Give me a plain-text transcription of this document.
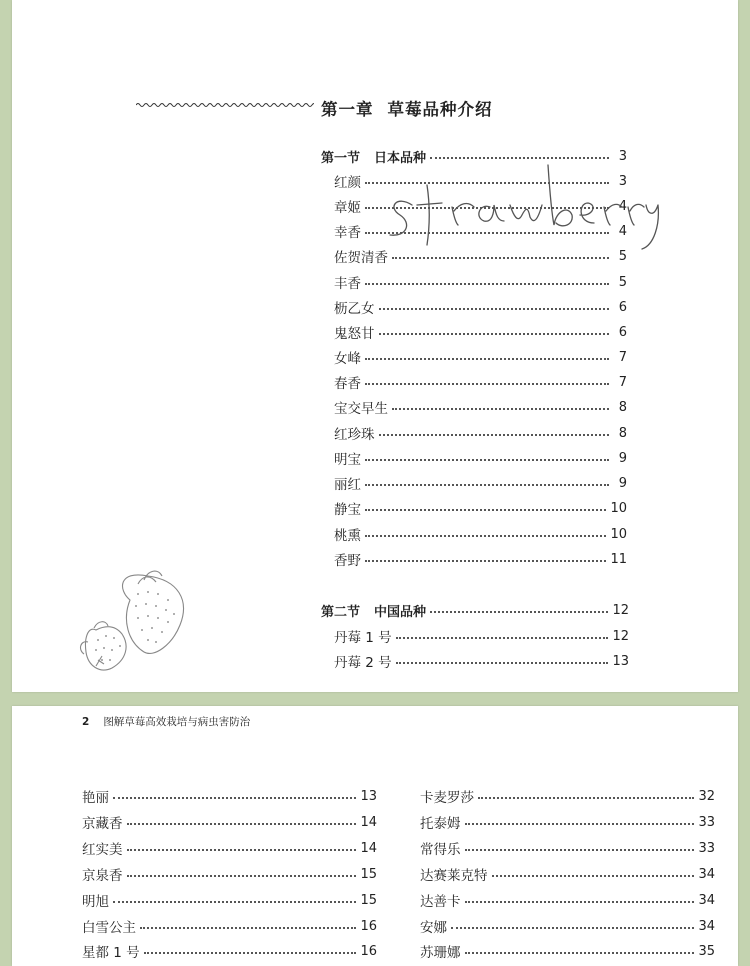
第一章 草莓品种介绍
第一节 日本品种	3
红颜	3
章姬	4
幸香	4
佐贺清香	5
丰香	5
枥乙女	6
鬼怒甘	6
女峰	7
春香	7
宝交早生	8
红珍珠	8
明宝	9
丽红	9
静宝	10
桃熏	10
香野	11
第二节 中国品种	12
丹莓 1 号	12
丹莓 2 号	13
2 图解草莓高效栽培与病虫害防治
艳丽	13
京藏香	14
红实美	14
京泉香	15
明旭	15
白雪公主	16
星都 1 号	16
卡麦罗莎	32
托泰姆	33
常得乐	33
达赛莱克特	34
达善卡	34
安娜	34
苏珊娜	35
